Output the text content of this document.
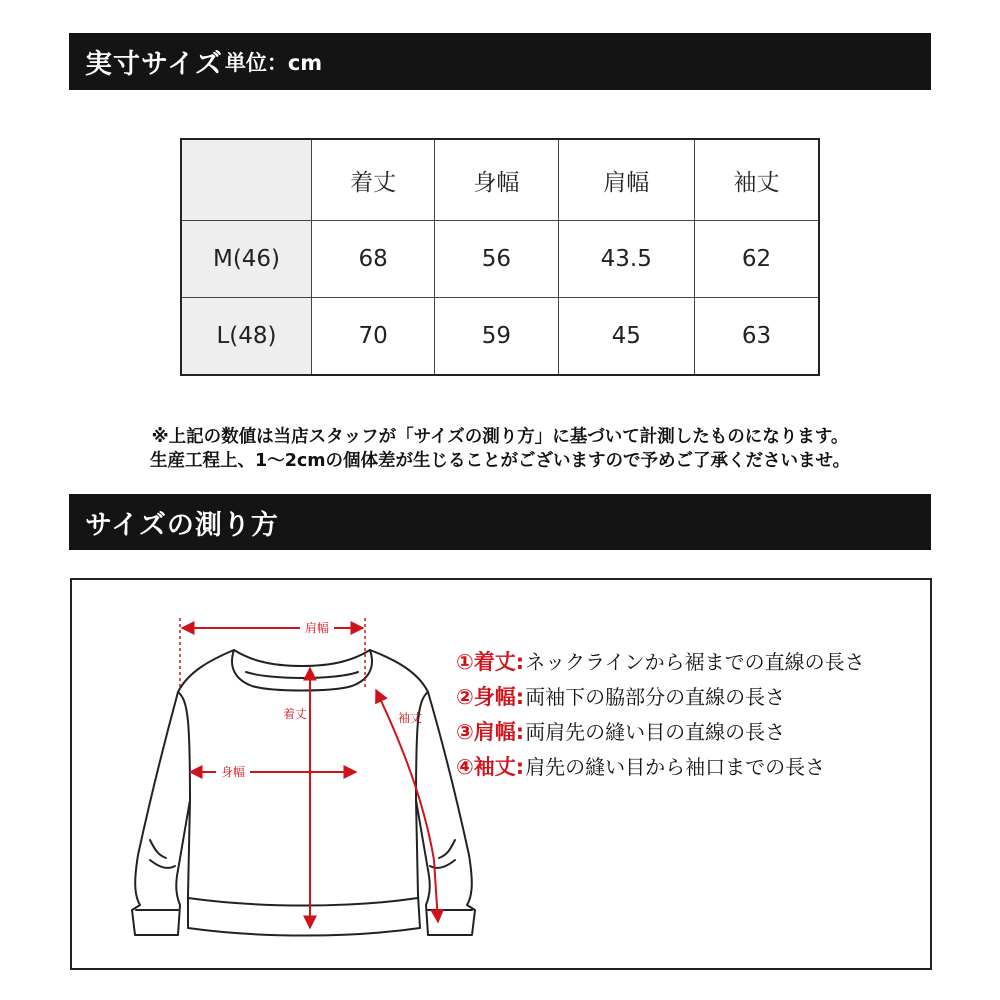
実寸サイズ 単位：cm
	着丈	身幅	肩幅	袖丈
M(46)	68	56	43.5	62
L(48)	70	59	45	63
※上記の数値は当店スタッフが「サイズの測り方」に基づいて計測したものになります。
生産工程上、1〜2cmの個体差が生じることがございますので予めご了承くださいませ。
サイズの測り方
肩幅
着丈
身幅
袖丈
①着丈: ネックラインから裾までの直線の長さ
②身幅: 両袖下の脇部分の直線の長さ
③肩幅: 両肩先の縫い目の直線の長さ
④袖丈: 肩先の縫い目から袖口までの長さ
